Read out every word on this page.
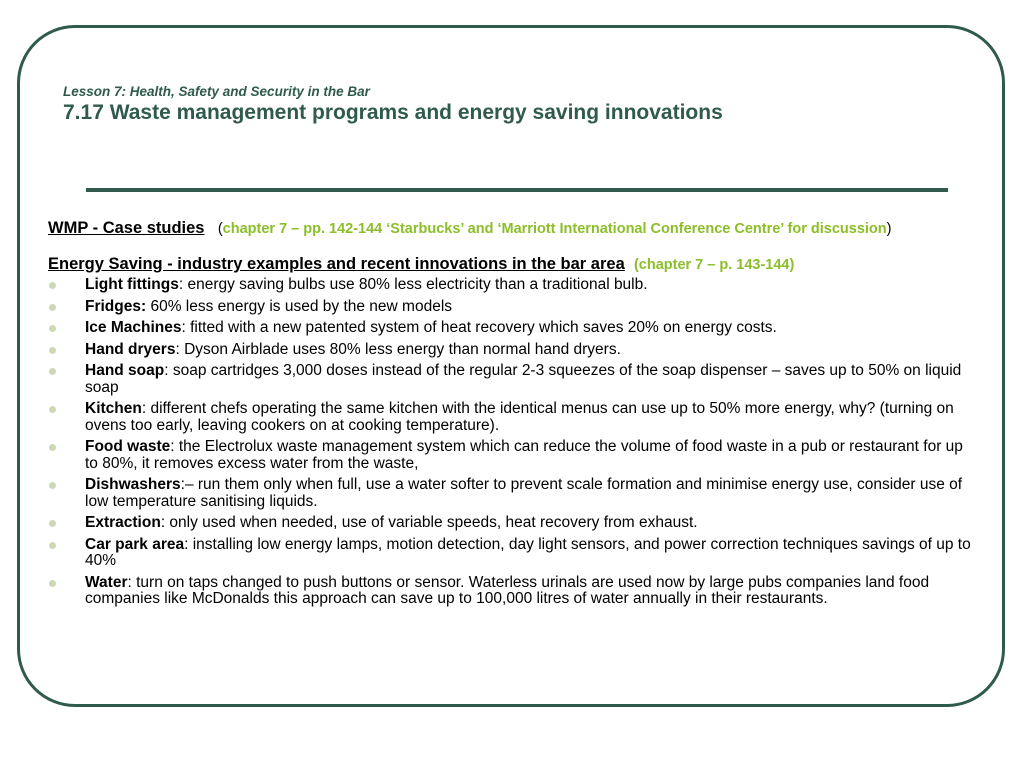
Lesson 7: Health, Safety and Security in the Bar
7.17 Waste management programs and energy saving innovations
WMP - Case studies (chapter 7 – pp. 142-144 ‘Starbucks’ and ‘Marriott International Conference Centre’ for discussion)
Energy Saving - industry examples and recent innovations in the bar area (chapter 7 – p. 143-144)
Light fittings: energy saving bulbs use 80% less electricity than a traditional bulb.
Fridges: 60% less energy is used by the new models
Ice Machines: fitted with a new patented system of heat recovery which saves 20% on energy costs.
Hand dryers: Dyson Airblade uses 80% less energy than normal hand dryers.
Hand soap: soap cartridges 3,000 doses instead of the regular 2-3 squeezes of the soap dispenser – saves up to 50% on liquid soap
Kitchen: different chefs operating the same kitchen with the identical menus can use up to 50% more energy, why? (turning on ovens too early, leaving cookers on at cooking temperature).
Food waste: the Electrolux waste management system which can reduce the volume of food waste in a pub or restaurant for up to 80%, it removes excess water from the waste,
Dishwashers:– run them only when full, use a water softer to prevent scale formation and minimise energy use, consider use of low temperature sanitising liquids.
Extraction: only used when needed, use of variable speeds, heat recovery from exhaust.
Car park area: installing low energy lamps, motion detection, day light sensors, and power correction techniques savings of up to 40%
Water: turn on taps changed to push buttons or sensor. Waterless urinals are used now by large pubs companies land food companies like McDonalds this approach can save up to 100,000 litres of water annually in their restaurants.
